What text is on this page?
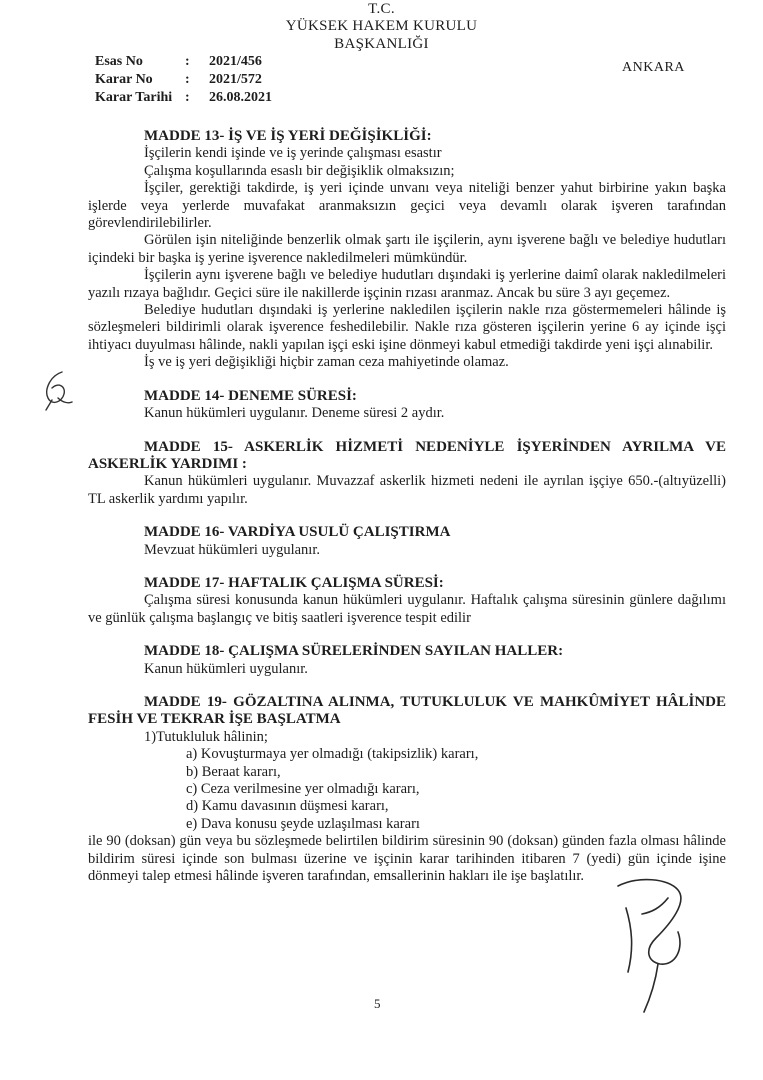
T.C.
YÜKSEK HAKEM KURULU
BAŞKANLIĞI
Esas No	:	2021/456
Karar No	:	2021/572
Karar Tarihi :	26.08.2021
ANKARA
MADDE 13- İŞ VE İŞ YERİ DEĞİŞİKLİĞİ:
İşçilerin kendi işinde ve iş yerinde çalışması esastır
Çalışma koşullarında esaslı bir değişiklik olmaksızın;
İşçiler, gerektiği takdirde, iş yeri içinde unvanı veya niteliği benzer yahut birbirine yakın başka işlerde veya yerlerde muvafakat aranmaksızın geçici veya devamlı olarak işveren tarafından görevlendirilebilirler.
Görülen işin niteliğinde benzerlik olmak şartı ile işçilerin, aynı işverene bağlı ve belediye hudutları içindeki bir başka iş yerine işverence nakledilmeleri mümkündür.
İşçilerin aynı işverene bağlı ve belediye hudutları dışındaki iş yerlerine daimî olarak nakledilmeleri yazılı rızaya bağlıdır. Geçici süre ile nakillerde işçinin rızası aranmaz. Ancak bu süre 3 ayı geçemez.
Belediye hudutları dışındaki iş yerlerine nakledilen işçilerin nakle rıza göstermemeleri hâlinde iş sözleşmeleri bildirimli olarak işverence feshedilebilir. Nakle rıza gösteren işçilerin yerine 6 ay içinde işçi ihtiyacı duyulması hâlinde, nakli yapılan işçi eski işine dönmeyi kabul etmediği takdirde yeni işçi alınabilir.
İş ve iş yeri değişikliği hiçbir zaman ceza mahiyetinde olamaz.
MADDE 14- DENEME SÜRESİ:
Kanun hükümleri uygulanır. Deneme süresi 2 aydır.
MADDE 15- ASKERLİK HİZMETİ NEDENİYLE İŞYERİNDEN AYRILMA VE ASKERLİK YARDIMI :
Kanun hükümleri uygulanır. Muvazzaf askerlik hizmeti nedeni ile ayrılan işçiye 650.-(altıyüzelli) TL askerlik yardımı yapılır.
MADDE 16- VARDİYA USULÜ ÇALIŞTIRMA
Mevzuat hükümleri uygulanır.
MADDE 17- HAFTALIK ÇALIŞMA SÜRESİ:
Çalışma süresi konusunda kanun hükümleri uygulanır. Haftalık çalışma süresinin günlere dağılımı ve günlük çalışma başlangıç ve bitiş saatleri işverence tespit edilir
MADDE 18- ÇALIŞMA SÜRELERİNDEN SAYILAN HALLER:
Kanun hükümleri uygulanır.
MADDE 19- GÖZALTINA ALINMA, TUTUKLULUK VE MAHKÛMİYET HÂLİNDE FESİH VE TEKRAR İŞE BAŞLATMA
1)Tutukluluk hâlinin;
a) Kovuşturmaya yer olmadığı (takipsizlik) kararı,
b) Beraat kararı,
c) Ceza verilmesine yer olmadığı kararı,
d) Kamu davasının düşmesi kararı,
e) Dava konusu şeyde uzlaşılması kararı
ile 90 (doksan) gün veya bu sözleşmede belirtilen bildirim süresinin 90 (doksan) günden fazla olması hâlinde bildirim süresi içinde son bulması üzerine ve işçinin karar tarihinden itibaren 7 (yedi) gün içinde işine dönmeyi talep etmesi hâlinde işveren tarafından, emsallerinin hakları ile işe başlatılır.
5
